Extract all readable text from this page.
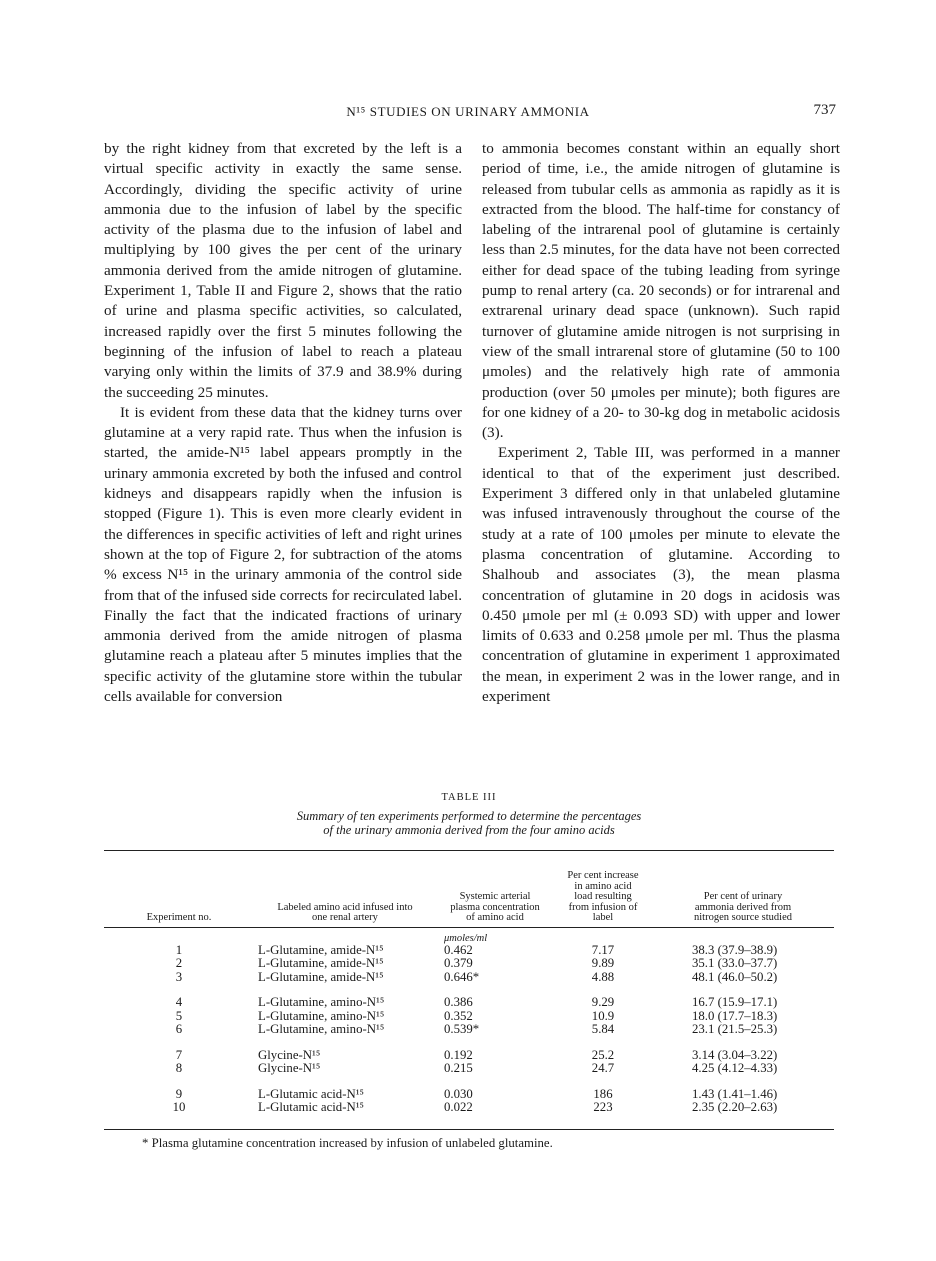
N¹⁵ STUDIES ON URINARY AMMONIA	737

by the right kidney from that excreted by the left is a virtual specific activity in exactly the same sense. Accordingly, dividing the specific activity of urine ammonia due to the infusion of label by the specific activity of the plasma due to the infusion of label and multiplying by 100 gives the per cent of the urinary ammonia derived from the amide nitrogen of glutamine. Experiment 1, Table II and Figure 2, shows that the ratio of urine and plasma specific activities, so calculated, increased rapidly over the first 5 minutes following the beginning of the infusion of label to reach a plateau varying only within the limits of 37.9 and 38.9% during the succeeding 25 minutes.

It is evident from these data that the kidney turns over glutamine at a very rapid rate. Thus when the infusion is started, the amide-N¹⁵ label appears promptly in the urinary ammonia excreted by both the infused and control kidneys and disappears rapidly when the infusion is stopped (Figure 1). This is even more clearly evident in the differences in specific activities of left and right urines shown at the top of Figure 2, for subtraction of the atoms % excess N¹⁵ in the urinary ammonia of the control side from that of the infused side corrects for recirculated label. Finally the fact that the indicated fractions of urinary ammonia derived from the amide nitrogen of plasma glutamine reach a plateau after 5 minutes implies that the specific activity of the glutamine store within the tubular cells available for conversion

to ammonia becomes constant within an equally short period of time, i.e., the amide nitrogen of glutamine is released from tubular cells as ammonia as rapidly as it is extracted from the blood. The half-time for constancy of labeling of the intrarenal pool of glutamine is certainly less than 2.5 minutes, for the data have not been corrected either for dead space of the tubing leading from syringe pump to renal artery (ca. 20 seconds) or for intrarenal and extrarenal urinary dead space (unknown). Such rapid turnover of glutamine amide nitrogen is not surprising in view of the small intrarenal store of glutamine (50 to 100 μmoles) and the relatively high rate of ammonia production (over 50 μmoles per minute); both figures are for one kidney of a 20- to 30-kg dog in metabolic acidosis (3).

Experiment 2, Table III, was performed in a manner identical to that of the experiment just described. Experiment 3 differed only in that unlabeled glutamine was infused intravenously throughout the course of the study at a rate of 100 μmoles per minute to elevate the plasma concentration of glutamine. According to Shalhoub and associates (3), the mean plasma concentration of glutamine in 20 dogs in acidosis was 0.450 μmole per ml (± 0.093 SD) with upper and lower limits of 0.633 and 0.258 μmole per ml. Thus the plasma concentration of glutamine in experiment 1 approximated the mean, in experiment 2 was in the lower range, and in experiment

TABLE III

Summary of ten experiments performed to determine the percentages
of the urinary ammonia derived from the four amino acids

Experiment no.	Labeled amino acid infused into one renal artery	Systemic arterial plasma concentration of amino acid	Per cent increase in amino acid load resulting from infusion of label	Per cent of urinary ammonia derived from nitrogen source studied

		μmoles/ml		
1	L-Glutamine, amide-N¹⁵	0.462	7.17	38.3 (37.9–38.9)
2	L-Glutamine, amide-N¹⁵	0.379	9.89	35.1 (33.0–37.7)
3	L-Glutamine, amide-N¹⁵	0.646*	4.88	48.1 (46.0–50.2)
4	L-Glutamine, amino-N¹⁵	0.386	9.29	16.7 (15.9–17.1)
5	L-Glutamine, amino-N¹⁵	0.352	10.9	18.0 (17.7–18.3)
6	L-Glutamine, amino-N¹⁵	0.539*	5.84	23.1 (21.5–25.3)
7	Glycine-N¹⁵	0.192	25.2	3.14 (3.04–3.22)
8	Glycine-N¹⁵	0.215	24.7	4.25 (4.12–4.33)
9	L-Glutamic acid-N¹⁵	0.030	186	1.43 (1.41–1.46)
10	L-Glutamic acid-N¹⁵	0.022	223	2.35 (2.20–2.63)

* Plasma glutamine concentration increased by infusion of unlabeled glutamine.
